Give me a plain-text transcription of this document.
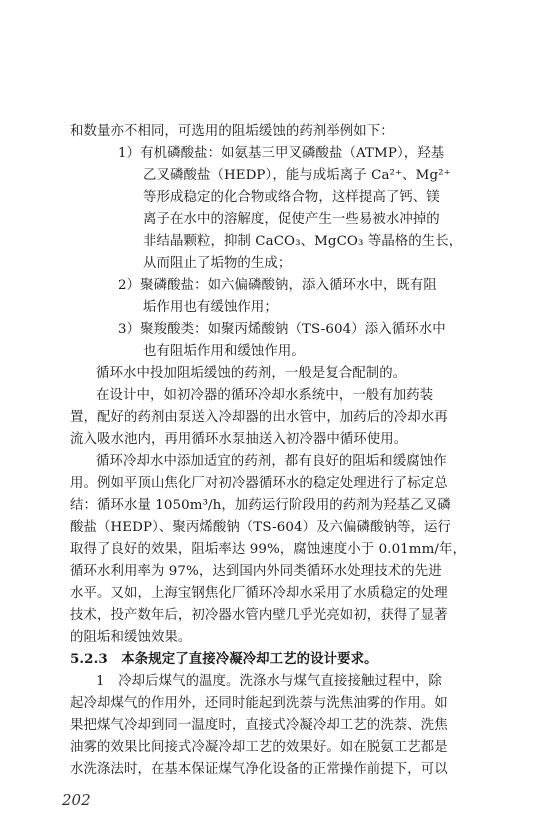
和数量亦不相同，可选用的阻垢缓蚀的药剂举例如下：
1）有机磷酸盐：如氨基三甲叉磷酸盐（ATMP），羟基
乙叉磷酸盐（HEDP），能与成垢离子 Ca²⁺、Mg²⁺
等形成稳定的化合物或络合物，这样提高了钙、镁
离子在水中的溶解度，促使产生一些易被水冲掉的
非结晶颗粒，抑制 CaCO₃、MgCO₃ 等晶格的生长，
从而阻止了垢物的生成；
2）聚磷酸盐：如六偏磷酸钠，添入循环水中，既有阻
垢作用也有缓蚀作用；
3）聚羧酸类：如聚丙烯酸钠（TS-604）添入循环水中
也有阻垢作用和缓蚀作用。
循环水中投加阻垢缓蚀的药剂，一般是复合配制的。
在设计中，如初冷器的循环冷却水系统中，一般有加药装
置，配好的药剂由泵送入冷却器的出水管中，加药后的冷却水再
流入吸水池内，再用循环水泵抽送入初冷器中循环使用。
循环冷却水中添加适宜的药剂，都有良好的阻垢和缓腐蚀作
用。例如平顶山焦化厂对初冷器循环水的稳定处理进行了标定总
结：循环水量 1050m³/h，加药运行阶段用的药剂为羟基乙叉磷
酸盐（HEDP）、聚丙烯酸钠（TS-604）及六偏磷酸钠等，运行
取得了良好的效果，阻垢率达 99%，腐蚀速度小于 0.01mm/年，
循环水利用率为 97%，达到国内外同类循环水处理技术的先进
水平。又如，上海宝钢焦化厂循环冷却水采用了水质稳定的处理
技术，投产数年后，初冷器水管内壁几乎光亮如初，获得了显著
的阻垢和缓蚀效果。
5.2.3　本条规定了直接冷凝冷却工艺的设计要求。
1　冷却后煤气的温度。洗涤水与煤气直接接触过程中，除
起冷却煤气的作用外，还同时能起到洗萘与洗焦油雾的作用。如
果把煤气冷却到同一温度时，直接式冷凝冷却工艺的洗萘、洗焦
油雾的效果比间接式冷凝冷却工艺的效果好。如在脱氨工艺都是
水洗涤法时，在基本保证煤气净化设备的正常操作前提下，可以
202
